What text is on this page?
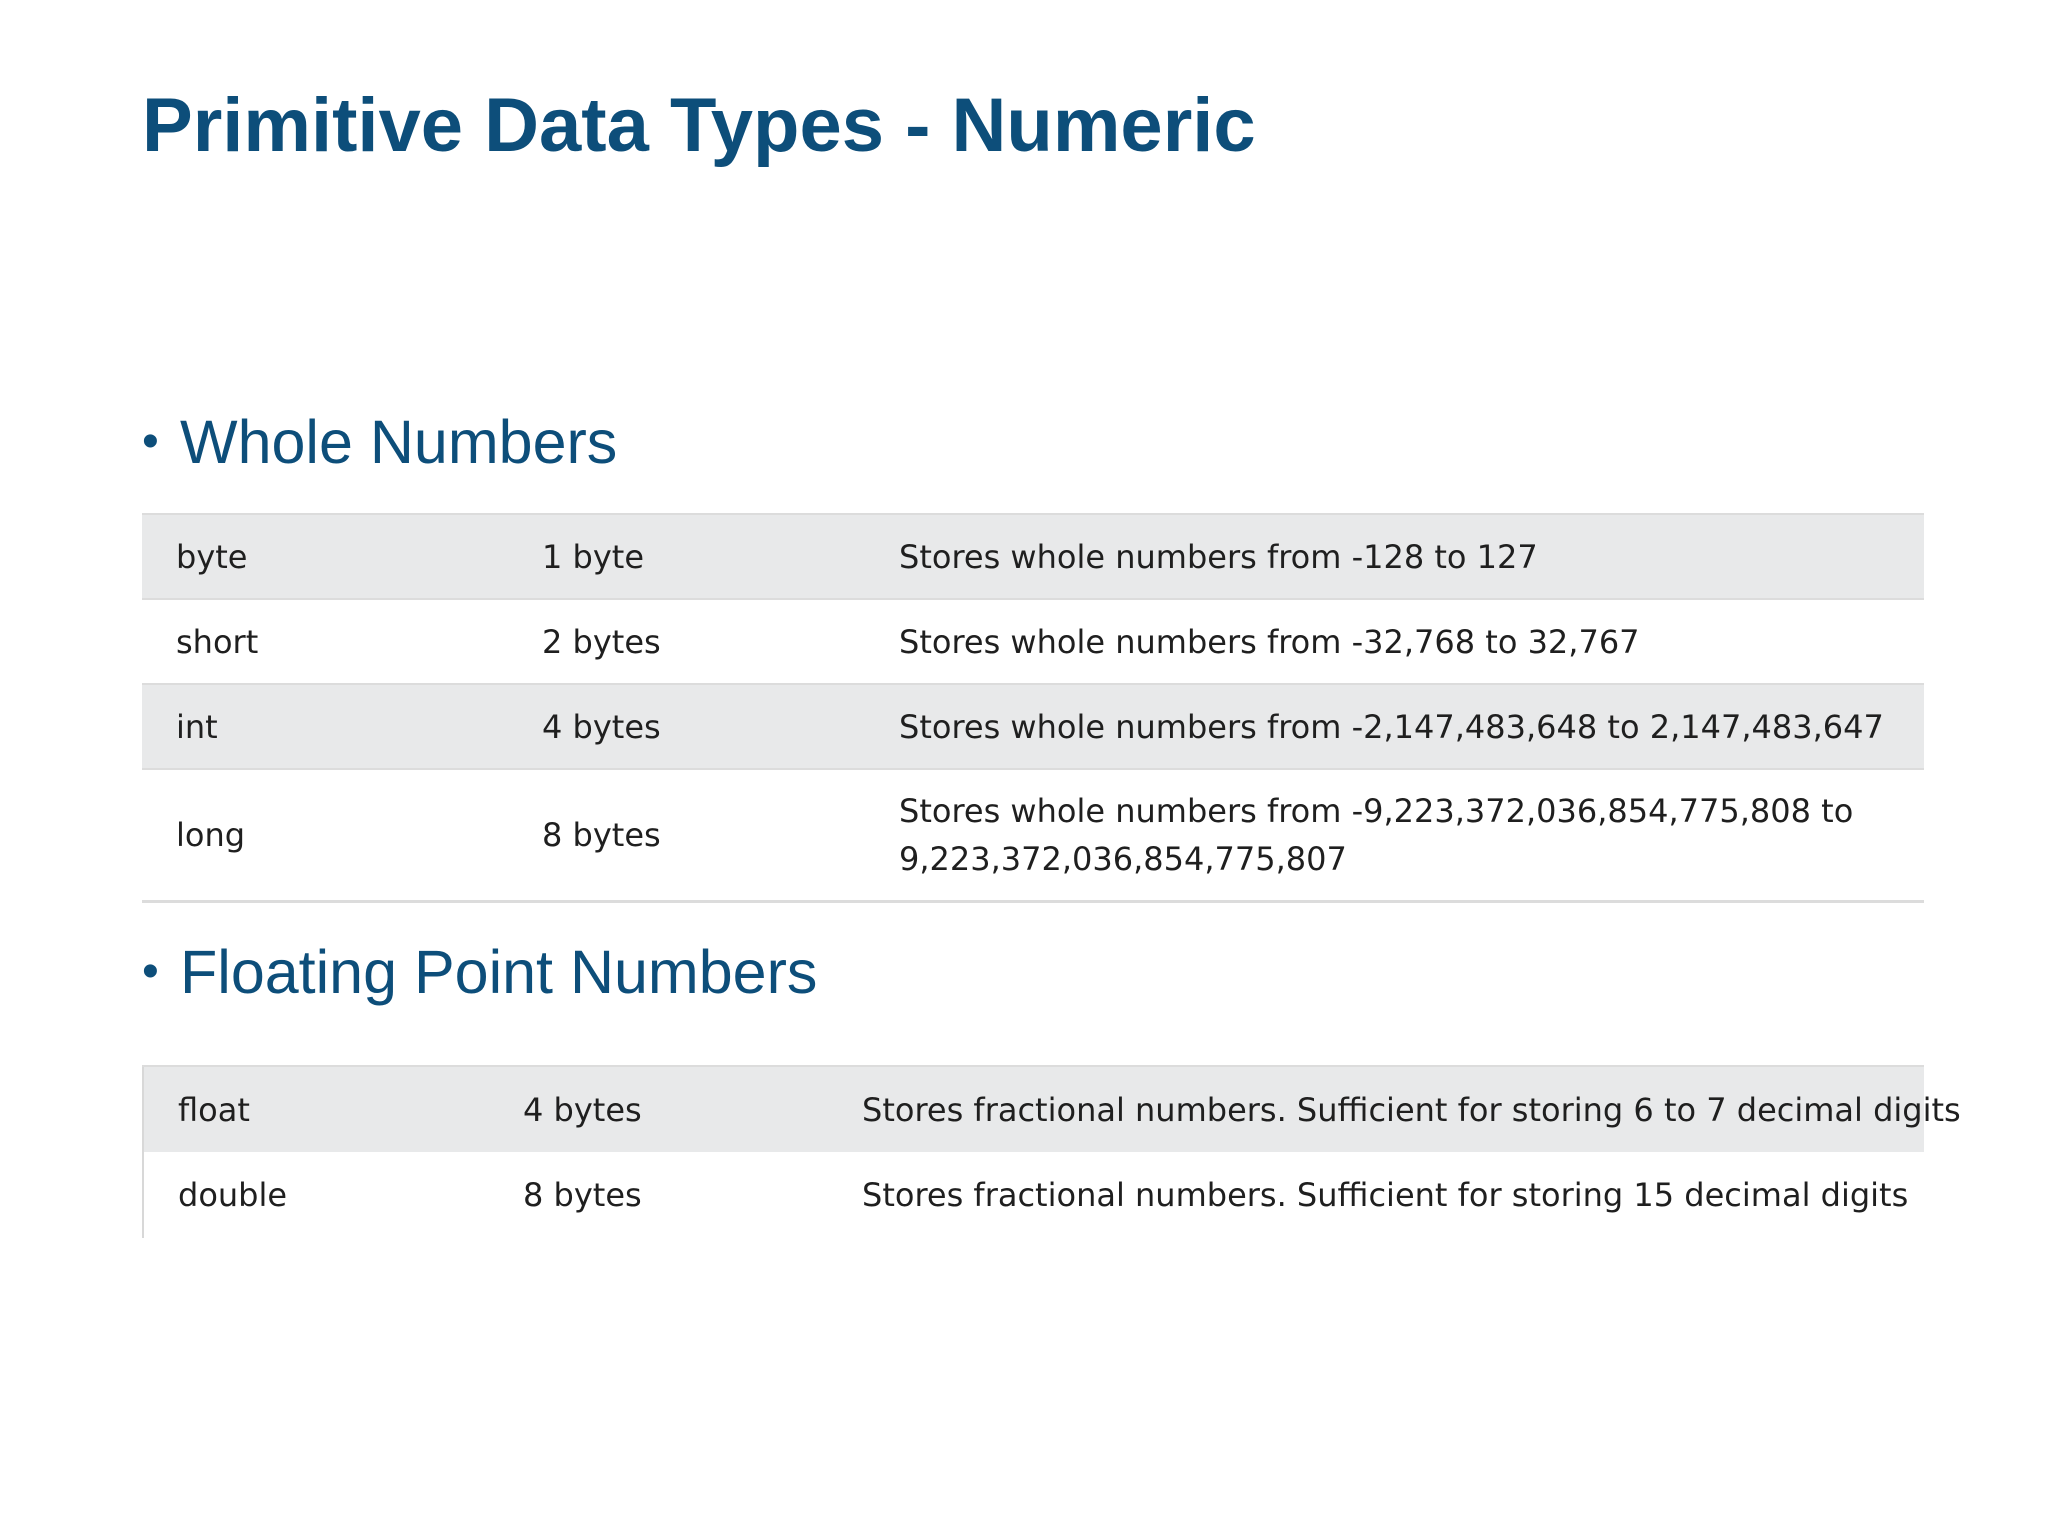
Primitive Data Types - Numeric
• Whole Numbers
byte	1 byte	Stores whole numbers from -128 to 127
short	2 bytes	Stores whole numbers from -32,768 to 32,767
int	4 bytes	Stores whole numbers from -2,147,483,648 to 2,147,483,647
long	8 bytes	Stores whole numbers from -9,223,372,036,854,775,808 to 9,223,372,036,854,775,807
• Floating Point Numbers
float	4 bytes	Stores fractional numbers. Sufficient for storing 6 to 7 decimal digits
double	8 bytes	Stores fractional numbers. Sufficient for storing 15 decimal digits
